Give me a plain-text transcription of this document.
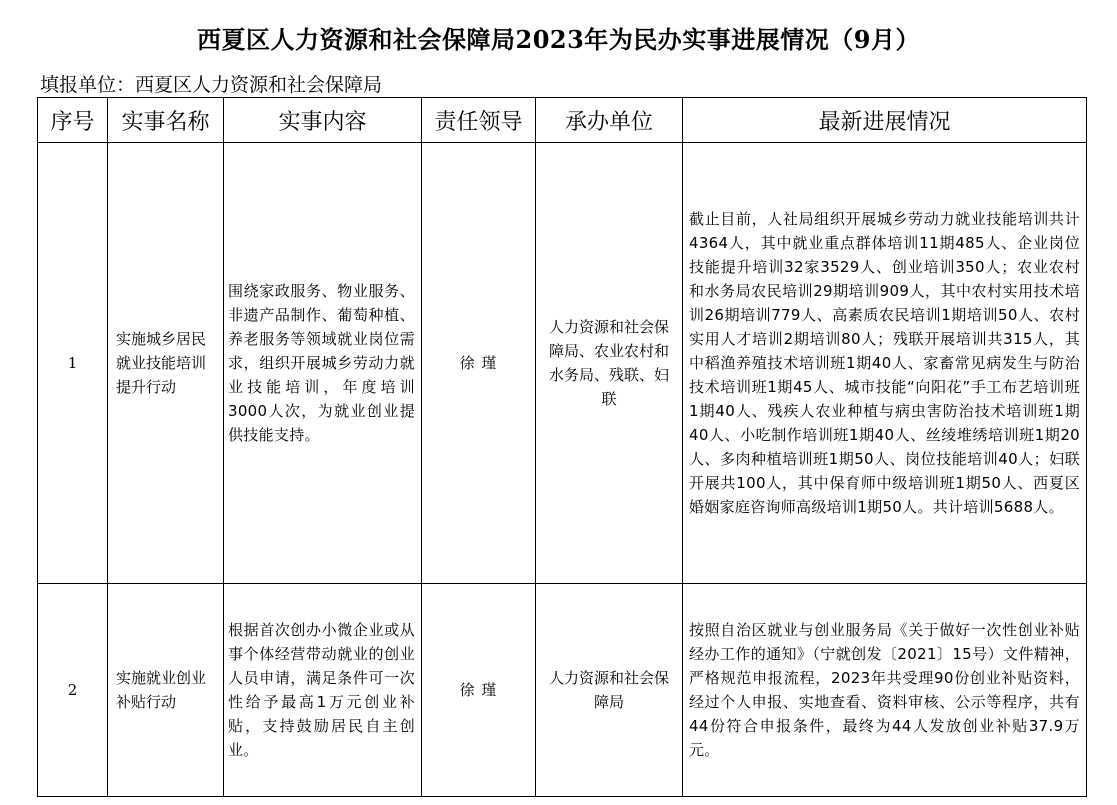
西夏区人力资源和社会保障局2023年为民办实事进展情况（9月）
填报单位：西夏区人力资源和社会保障局
序号	实事名称	实事内容	责任领导	承办单位	最新进展情况
1	实施城乡居民就业技能培训提升行动	围绕家政服务、物业服务、非遗产品制作、葡萄种植、养老服务等领域就业岗位需求，组织开展城乡劳动力就业技能培训，年度培训3000人次，为就业创业提供技能支持。	徐 瑾	人力资源和社会保障局、农业农村和水务局、残联、妇联	截止目前，人社局组织开展城乡劳动力就业技能培训共计4364人，其中就业重点群体培训11期485人、企业岗位技能提升培训32家3529人、创业培训350人；农业农村和水务局农民培训29期培训909人，其中农村实用技术培训26期培训779人、高素质农民培训1期培训50人、农村实用人才培训2期培训80人；残联开展培训共315人，其中稻渔养殖技术培训班1期40人、家畜常见病发生与防治技术培训班1期45人、城市技能“向阳花”手工布艺培训班1期40人、残疾人农业种植与病虫害防治技术培训班1期40人、小吃制作培训班1期40人、丝绫堆绣培训班1期20人、多肉种植培训班1期50人、岗位技能培训40人；妇联开展共100人，其中保育师中级培训班1期50人、西夏区婚姻家庭咨询师高级培训1期50人。共计培训5688人。
2	实施就业创业补贴行动	根据首次创办小微企业或从事个体经营带动就业的创业人员申请，满足条件可一次性给予最高1万元创业补贴，支持鼓励居民自主创业。	徐 瑾	人力资源和社会保障局	按照自治区就业与创业服务局《关于做好一次性创业补贴经办工作的通知》（宁就创发〔2021〕15号）文件精神，严格规范申报流程，2023年共受理90份创业补贴资料，经过个人申报、实地查看、资料审核、公示等程序，共有44份符合申报条件，最终为44人发放创业补贴37.9万元。
